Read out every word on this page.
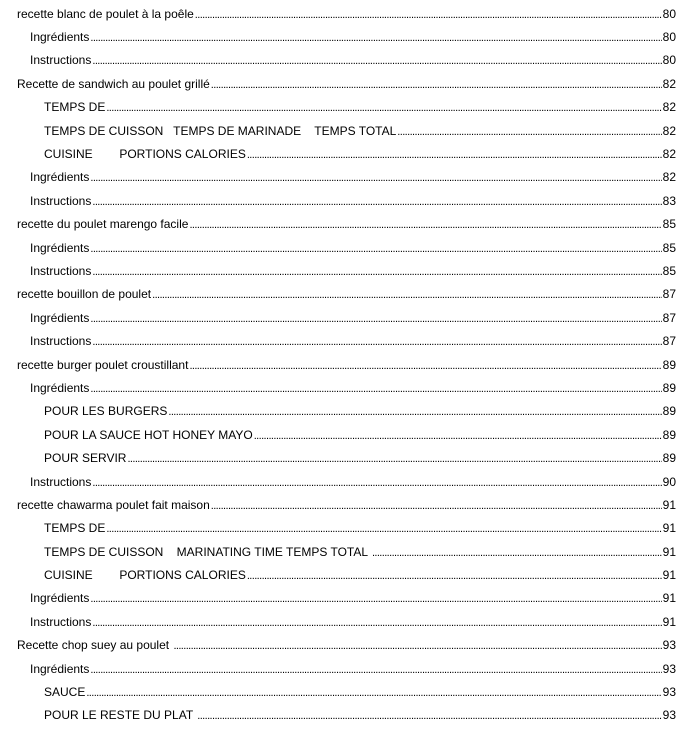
recette blanc de poulet à la poêle .....	80
Ingrédients .....	80
Instructions .....	80
Recette de sandwich au poulet grillé .....	82
TEMPS DE .....	82
TEMPS DE CUISSON   TEMPS DE MARINADE    TEMPS TOTAL .....	82
CUISINE        PORTIONS CALORIES .....	82
Ingrédients .....	82
Instructions .....	83
recette du poulet marengo facile .....	85
Ingrédients .....	85
Instructions .....	85
recette bouillon de poulet .....	87
Ingrédients .....	87
Instructions .....	87
recette burger poulet croustillant .....	89
Ingrédients .....	89
POUR LES BURGERS .....	89
POUR LA SAUCE HOT HONEY MAYO .....	89
POUR SERVIR .....	89
Instructions .....	90
recette chawarma poulet fait maison .....	91
TEMPS DE .....	91
TEMPS DE CUISSON    MARINATING TIME TEMPS TOTAL .....	91
CUISINE        PORTIONS CALORIES .....	91
Ingrédients .....	91
Instructions .....	91
Recette chop suey au poulet .....	93
Ingrédients .....	93
SAUCE .....	93
POUR LE RESTE DU PLAT .....	93
